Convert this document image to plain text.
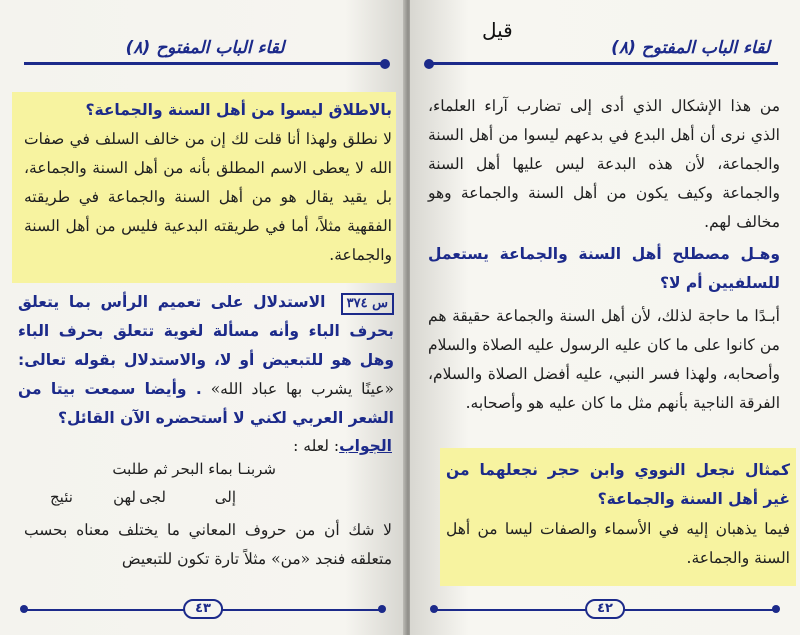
لقاء الباب المفتوح (٨)
بالاطلاق ليسوا من أهل السنة والجماعة؟
لا نطلق ولهذا أنا قلت لك إن من خالف السلف في صفات الله لا يعطى الاسم المطلق بأنه من أهل السنة والجماعة، بل يقيد يقال هو من أهل السنة والجماعة في طريقته الفقهية مثلاً، أما في طريقته البدعية فليس من أهل السنة والجماعة.
س ٣٧٤ الاستدلال على تعميم الرأس بما يتعلق بحرف الباء وأنه مسألة لغوية تتعلق بحرف الباء وهل هو للتبعيض أو لا، والاستدلال بقوله تعالى: «عينًا يشرب بها عباد الله» . وأيضا سمعت بيتا من الشعر العربي لكني لا أستحضره الآن القائل؟
الجواب: لعله :
شربنـا بماء البحر ثم طلبت
إلى
لجى
لهن
نئيج
لا شك أن من حروف المعاني ما يختلف معناه بحسب متعلقه فنجد «من» مثلاً تارة تكون للتبعيض
٤٣
لقاء الباب المفتوح (٨)
من هذا الإشكال الذي أدى إلى تضارب آراء العلماء، الذي نرى أن أهل البدع في بدعهم ليسوا من أهل السنة والجماعة، لأن هذه البدعة ليس عليها أهل السنة والجماعة وكيف يكون من أهل السنة والجماعة وهو مخالف لهم.
وهـل مصطلح أهل السنة والجماعة يستعمل للسلفيين أم لا؟
أبـدًا ما حاجة لذلك، لأن أهل السنة والجماعة حقيقة هم من كانوا على ما كان عليه الرسول عليه الصلاة والسلام وأصحابه، ولهذا فسر النبي، عليه أفضل الصلاة والسلام، الفرقة الناجية بأنهم مثل ما كان عليه هو وأصحابه.
كمثال نجعل النووي وابن حجر نجعلهما من غير أهل السنة والجماعة؟
فيما يذهبان إليه في الأسماء والصفات ليسا من أهل السنة والجماعة.
٤٢
قيل
